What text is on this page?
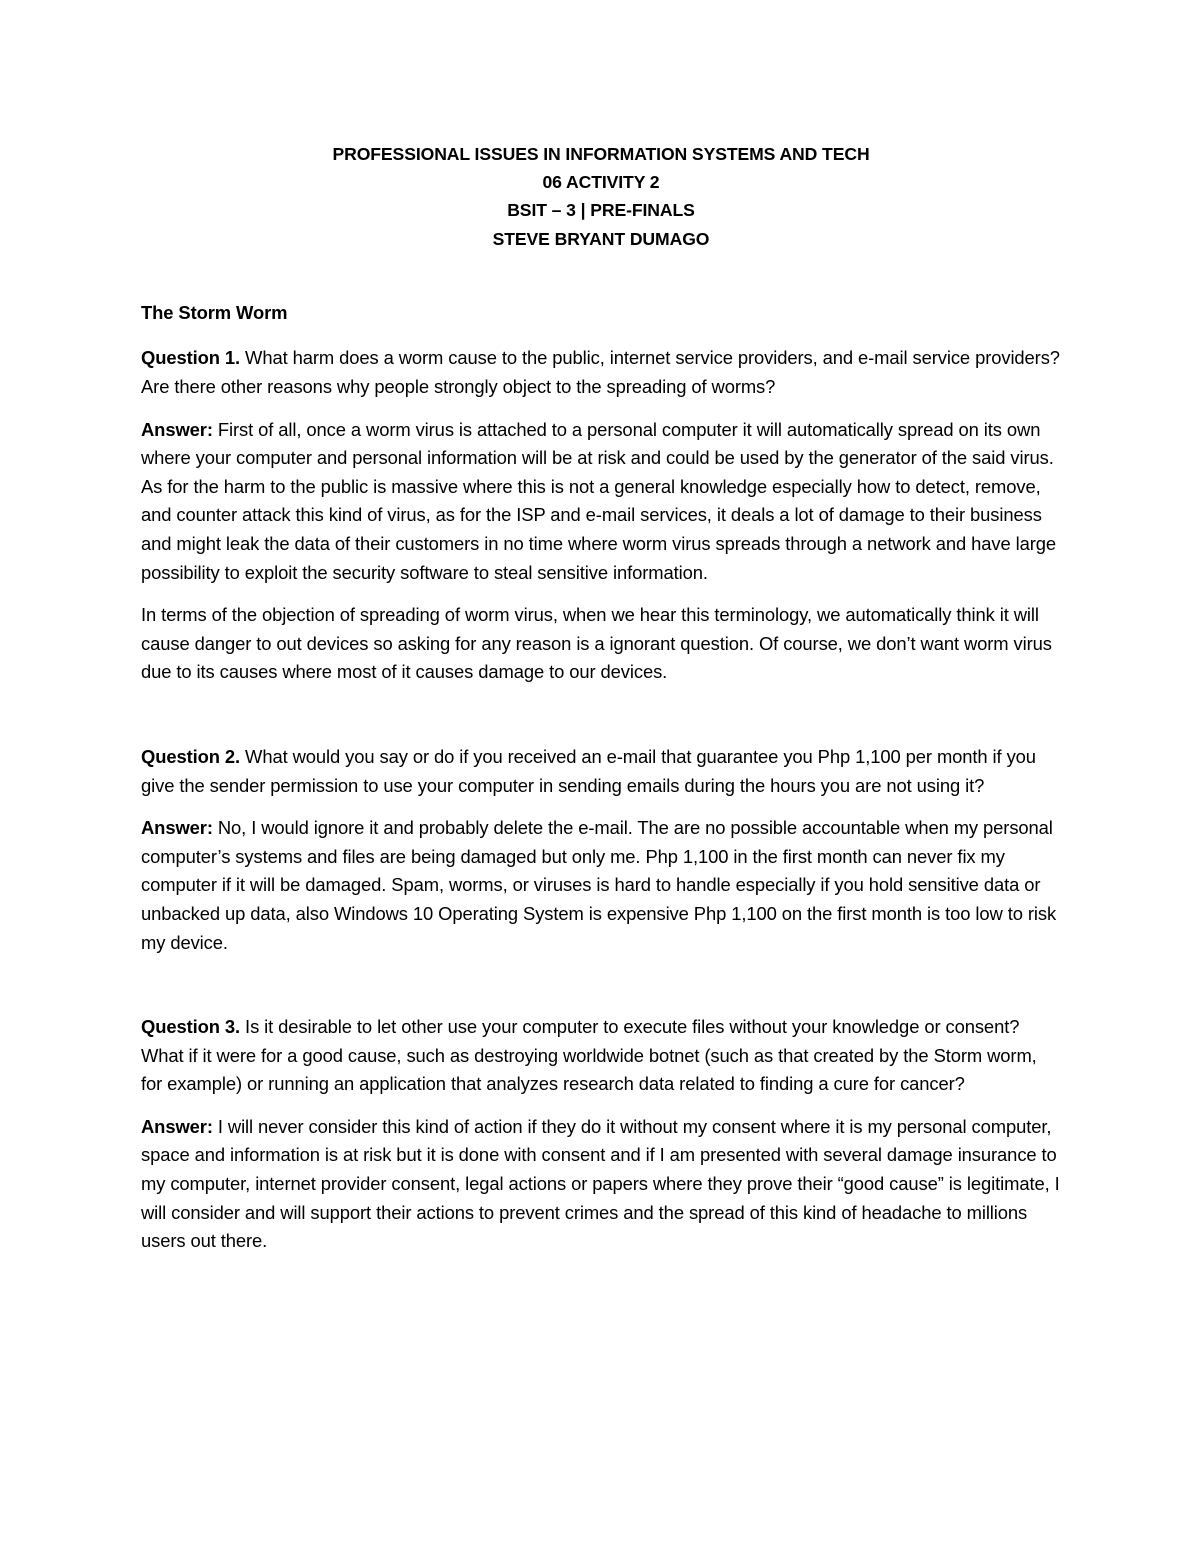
PROFESSIONAL ISSUES IN INFORMATION SYSTEMS AND TECH
06 ACTIVITY 2
BSIT – 3 | PRE-FINALS
STEVE BRYANT DUMAGO
The Storm Worm

Question 1. What harm does a worm cause to the public, internet service providers, and e-mail service providers? Are there other reasons why people strongly object to the spreading of worms?

Answer: First of all, once a worm virus is attached to a personal computer it will automatically spread on its own where your computer and personal information will be at risk and could be used by the generator of the said virus. As for the harm to the public is massive where this is not a general knowledge especially how to detect, remove, and counter attack this kind of virus, as for the ISP and e-mail services, it deals a lot of damage to their business and might leak the data of their customers in no time where worm virus spreads through a network and have large possibility to exploit the security software to steal sensitive information.

In terms of the objection of spreading of worm virus, when we hear this terminology, we automatically think it will cause danger to out devices so asking for any reason is a ignorant question. Of course, we don’t want worm virus due to its causes where most of it causes damage to our devices.

Question 2. What would you say or do if you received an e-mail that guarantee you Php 1,100 per month if you give the sender permission to use your computer in sending emails during the hours you are not using it?

Answer: No, I would ignore it and probably delete the e-mail. The are no possible accountable when my personal computer’s systems and files are being damaged but only me. Php 1,100 in the first month can never fix my computer if it will be damaged. Spam, worms, or viruses is hard to handle especially if you hold sensitive data or unbacked up data, also Windows 10 Operating System is expensive Php 1,100 on the first month is too low to risk my device.

Question 3. Is it desirable to let other use your computer to execute files without your knowledge or consent? What if it were for a good cause, such as destroying worldwide botnet (such as that created by the Storm worm, for example) or running an application that analyzes research data related to finding a cure for cancer?

Answer: I will never consider this kind of action if they do it without my consent where it is my personal computer, space and information is at risk but it is done with consent and if I am presented with several damage insurance to my computer, internet provider consent, legal actions or papers where they prove their “good cause” is legitimate, I will consider and will support their actions to prevent crimes and the spread of this kind of headache to millions users out there.
